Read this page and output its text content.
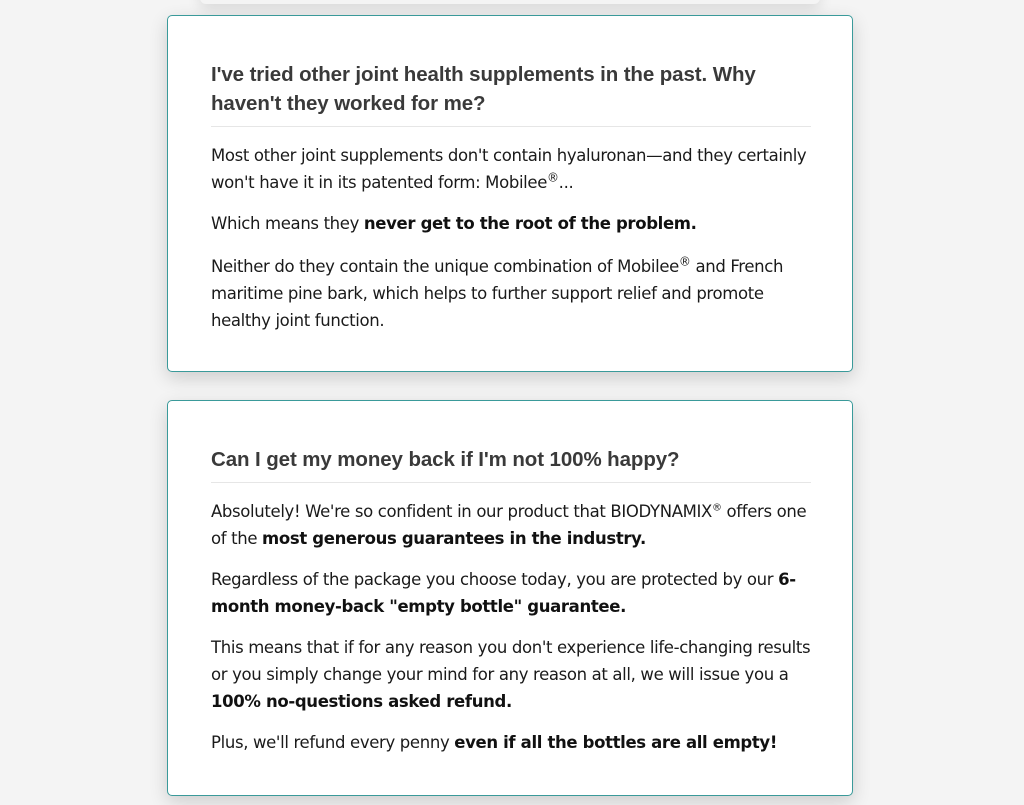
I've tried other joint health supplements in the past. Why haven't they worked for me?

Most other joint supplements don't contain hyaluronan—and they certainly won't have it in its patented form: Mobilee®...

Which means they never get to the root of the problem.

Neither do they contain the unique combination of Mobilee® and French maritime pine bark, which helps to further support relief and promote healthy joint function.

Can I get my money back if I'm not 100% happy?

Absolutely! We're so confident in our product that BIODYNAMIX® offers one of the most generous guarantees in the industry.

Regardless of the package you choose today, you are protected by our 6-month money-back "empty bottle" guarantee.

This means that if for any reason you don't experience life-changing results or you simply change your mind for any reason at all, we will issue you a 100% no-questions asked refund.

Plus, we'll refund every penny even if all the bottles are all empty!
